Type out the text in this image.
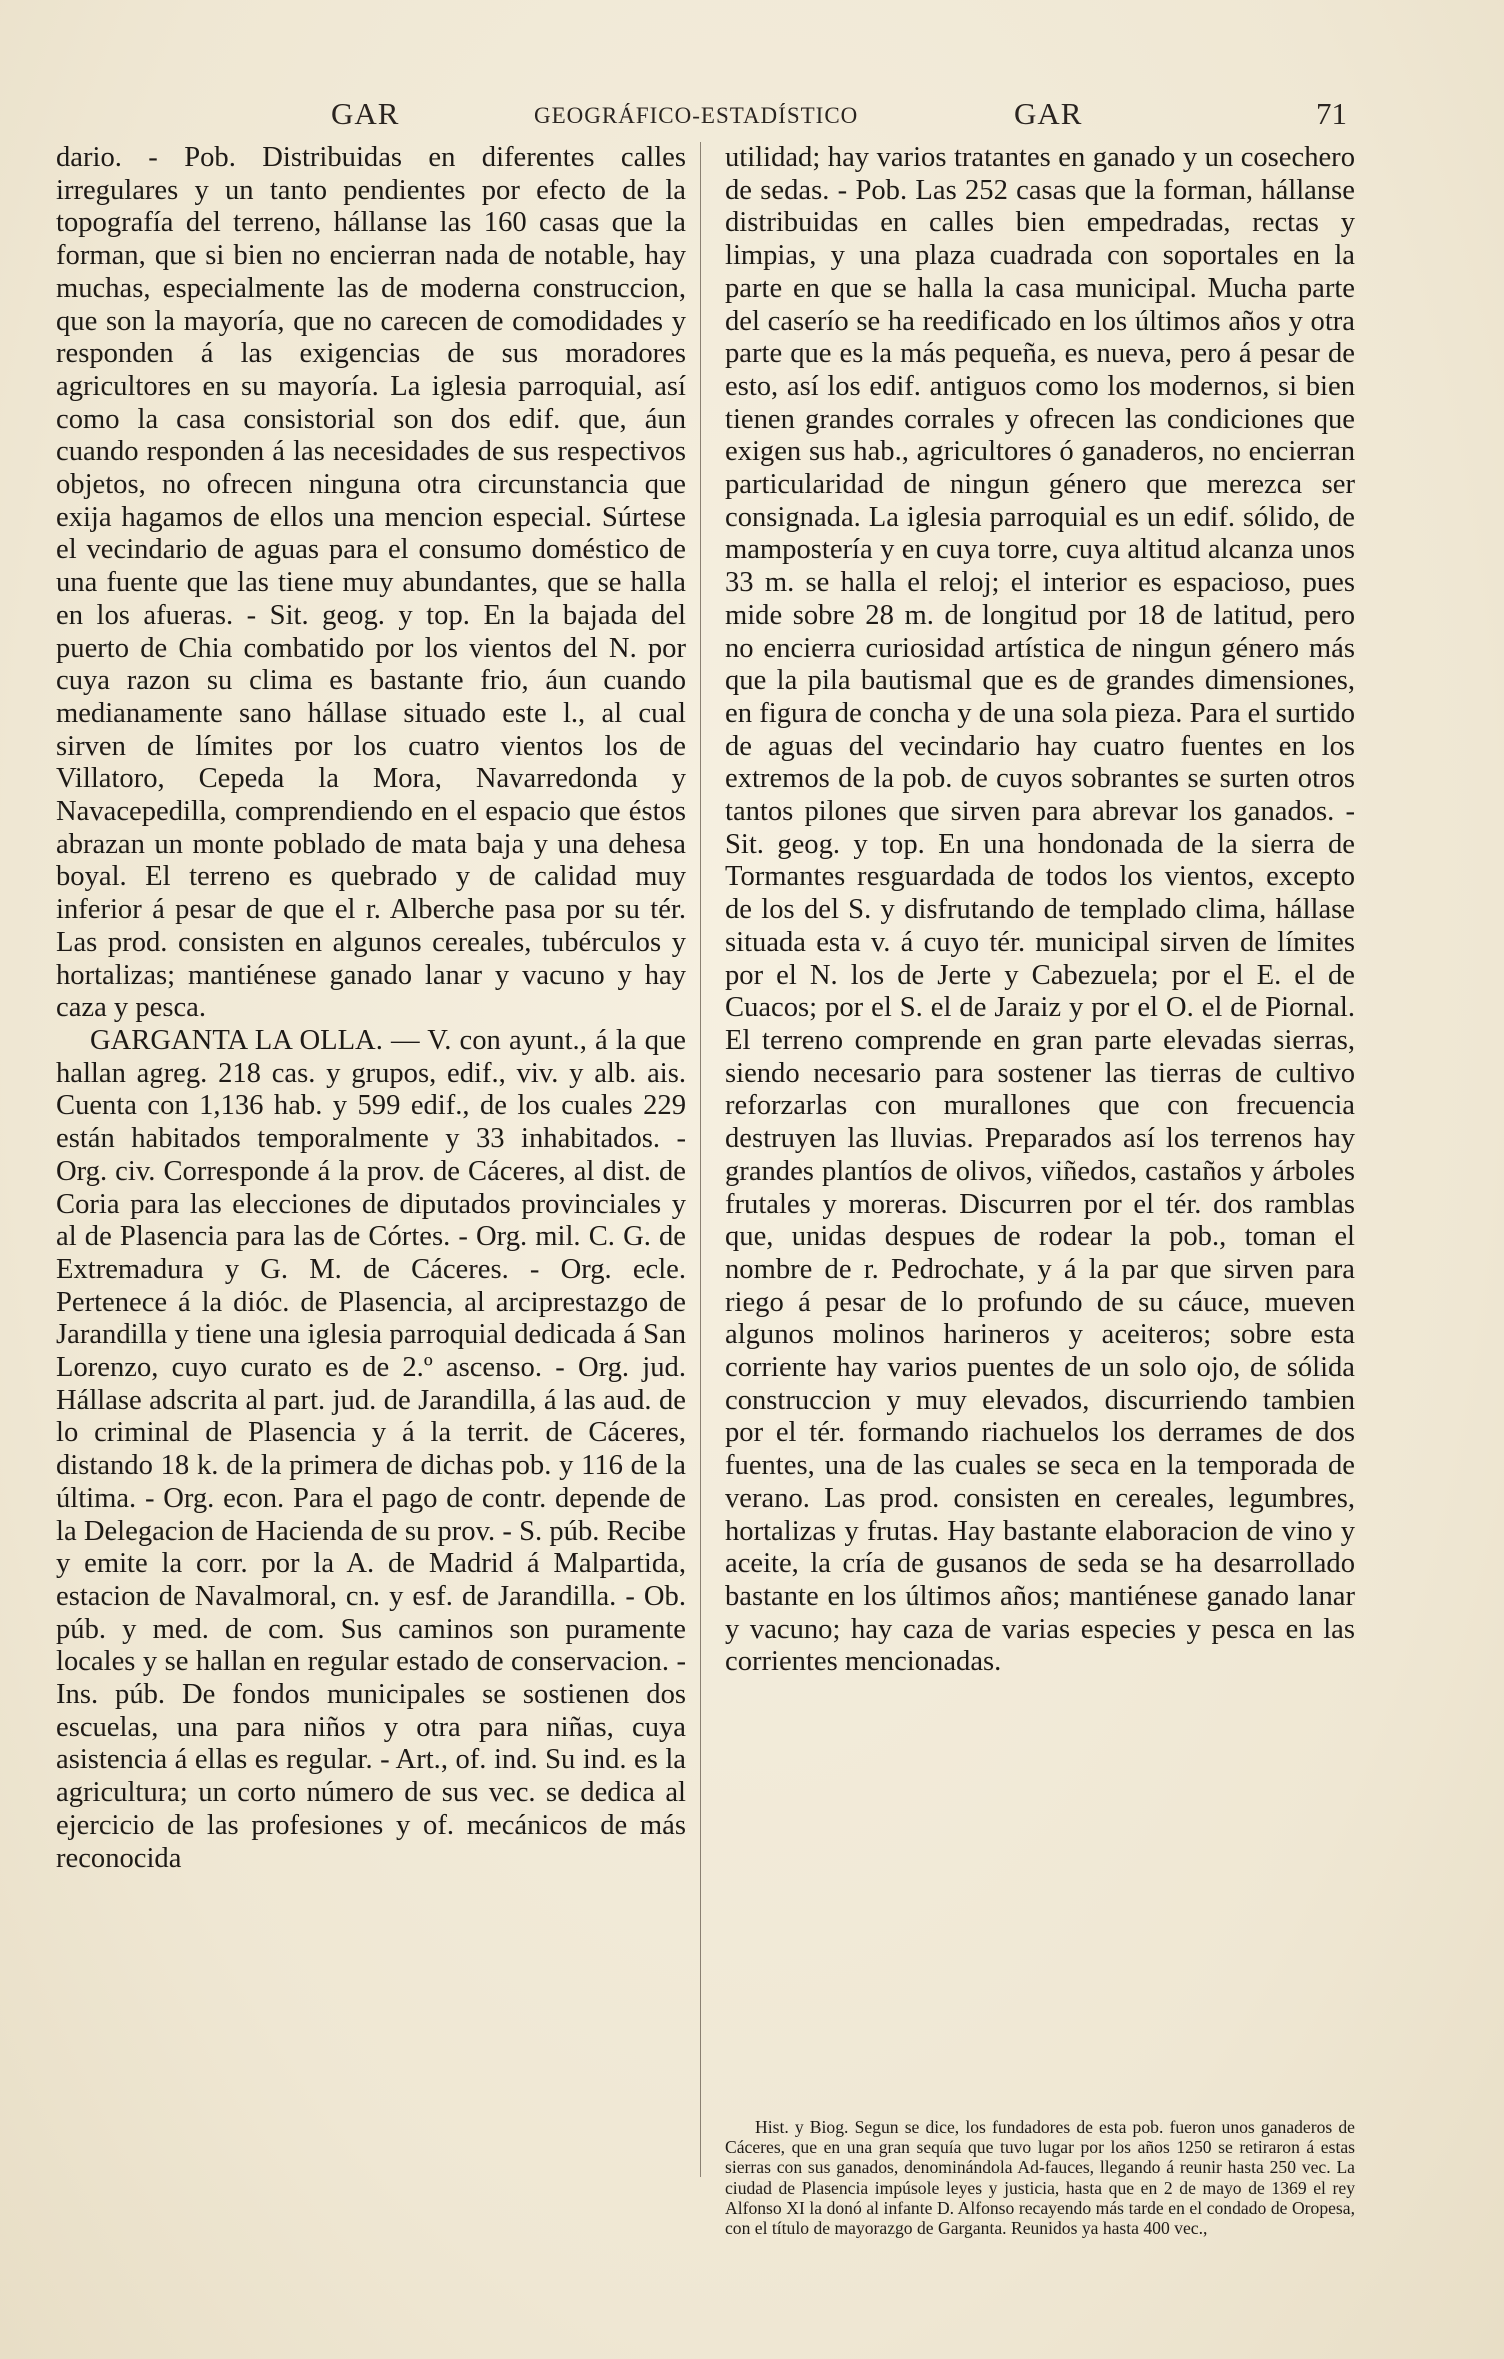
GAR	GEOGRÁFICO-ESTADÍSTICO	GAR	71

dario. - Pob. Distribuidas en diferentes calles irregulares y un tanto pendientes por efecto de la topografía del terreno, hállanse las 160 casas que la forman, que si bien no encierran nada de notable, hay muchas, especialmente las de moderna construccion, que son la mayoría, que no carecen de comodidades y responden á las exigencias de sus moradores agricultores en su mayoría. La iglesia parroquial, así como la casa consistorial son dos edif. que, áun cuando responden á las necesidades de sus respectivos objetos, no ofrecen ninguna otra circunstancia que exija hagamos de ellos una mencion especial. Súrtese el vecindario de aguas para el consumo doméstico de una fuente que las tiene muy abundantes, que se halla en los afueras. - Sit. geog. y top. En la bajada del puerto de Chia combatido por los vientos del N. por cuya razon su clima es bastante frio, áun cuando medianamente sano hállase situado este l., al cual sirven de límites por los cuatro vientos los de Villatoro, Cepeda la Mora, Navarredonda y Navacepedilla, comprendiendo en el espacio que éstos abrazan un monte poblado de mata baja y una dehesa boyal. El terreno es quebrado y de calidad muy inferior á pesar de que el r. Alberche pasa por su tér. Las prod. consisten en algunos cereales, tubérculos y hortalizas; mantiénese ganado lanar y vacuno y hay caza y pesca.

GARGANTA LA OLLA. — V. con ayunt., á la que hallan agreg. 218 cas. y grupos, edif., viv. y alb. ais. Cuenta con 1,136 hab. y 599 edif., de los cuales 229 están habitados temporalmente y 33 inhabitados. - Org. civ. Corresponde á la prov. de Cáceres, al dist. de Coria para las elecciones de diputados provinciales y al de Plasencia para las de Córtes. - Org. mil. C. G. de Extremadura y G. M. de Cáceres. - Org. ecle. Pertenece á la dióc. de Plasencia, al arciprestazgo de Jarandilla y tiene una iglesia parroquial dedicada á San Lorenzo, cuyo curato es de 2.º ascenso. - Org. jud. Hállase adscrita al part. jud. de Jarandilla, á las aud. de lo criminal de Plasencia y á la territ. de Cáceres, distando 18 k. de la primera de dichas pob. y 116 de la última. - Org. econ. Para el pago de contr. depende de la Delegacion de Hacienda de su prov. - S. púb. Recibe y emite la corr. por la A. de Madrid á Malpartida, estacion de Navalmoral, cn. y esf. de Jarandilla. - Ob. púb. y med. de com. Sus caminos son puramente locales y se hallan en regular estado de conservacion. - Ins. púb. De fondos municipales se sostienen dos escuelas, una para niños y otra para niñas, cuya asistencia á ellas es regular. - Art., of. ind. Su ind. es la agricultura; un corto número de sus vec. se dedica al ejercicio de las profesiones y of. mecánicos de más reconocida

utilidad; hay varios tratantes en ganado y un cosechero de sedas. - Pob. Las 252 casas que la forman, hállanse distribuidas en calles bien empedradas, rectas y limpias, y una plaza cuadrada con soportales en la parte en que se halla la casa municipal. Mucha parte del caserío se ha reedificado en los últimos años y otra parte que es la más pequeña, es nueva, pero á pesar de esto, así los edif. antiguos como los modernos, si bien tienen grandes corrales y ofrecen las condiciones que exigen sus hab., agricultores ó ganaderos, no encierran particularidad de ningun género que merezca ser consignada. La iglesia parroquial es un edif. sólido, de mampostería y en cuya torre, cuya altitud alcanza unos 33 m. se halla el reloj; el interior es espacioso, pues mide sobre 28 m. de longitud por 18 de latitud, pero no encierra curiosidad artística de ningun género más que la pila bautismal que es de grandes dimensiones, en figura de concha y de una sola pieza. Para el surtido de aguas del vecindario hay cuatro fuentes en los extremos de la pob. de cuyos sobrantes se surten otros tantos pilones que sirven para abrevar los ganados. - Sit. geog. y top. En una hondonada de la sierra de Tormantes resguardada de todos los vientos, excepto de los del S. y disfrutando de templado clima, hállase situada esta v. á cuyo tér. municipal sirven de límites por el N. los de Jerte y Cabezuela; por el E. el de Cuacos; por el S. el de Jaraiz y por el O. el de Piornal. El terreno comprende en gran parte elevadas sierras, siendo necesario para sostener las tierras de cultivo reforzarlas con murallones que con frecuencia destruyen las lluvias. Preparados así los terrenos hay grandes plantíos de olivos, viñedos, castaños y árboles frutales y moreras. Discurren por el tér. dos ramblas que, unidas despues de rodear la pob., toman el nombre de r. Pedrochate, y á la par que sirven para riego á pesar de lo profundo de su cáuce, mueven algunos molinos harineros y aceiteros; sobre esta corriente hay varios puentes de un solo ojo, de sólida construccion y muy elevados, discurriendo tambien por el tér. formando riachuelos los derrames de dos fuentes, una de las cuales se seca en la temporada de verano. Las prod. consisten en cereales, legumbres, hortalizas y frutas. Hay bastante elaboracion de vino y aceite, la cría de gusanos de seda se ha desarrollado bastante en los últimos años; mantiénese ganado lanar y vacuno; hay caza de varias especies y pesca en las corrientes mencionadas.

Hist. y Biog. Segun se dice, los fundadores de esta pob. fueron unos ganaderos de Cáceres, que en una gran sequía que tuvo lugar por los años 1250 se retiraron á estas sierras con sus ganados, denominándola Ad-fauces, llegando á reunir hasta 250 vec. La ciudad de Plasencia impúsole leyes y justicia, hasta que en 2 de mayo de 1369 el rey Alfonso XI la donó al infante D. Alfonso recayendo más tarde en el condado de Oropesa, con el título de mayorazgo de Garganta. Reunidos ya hasta 400 vec.,
